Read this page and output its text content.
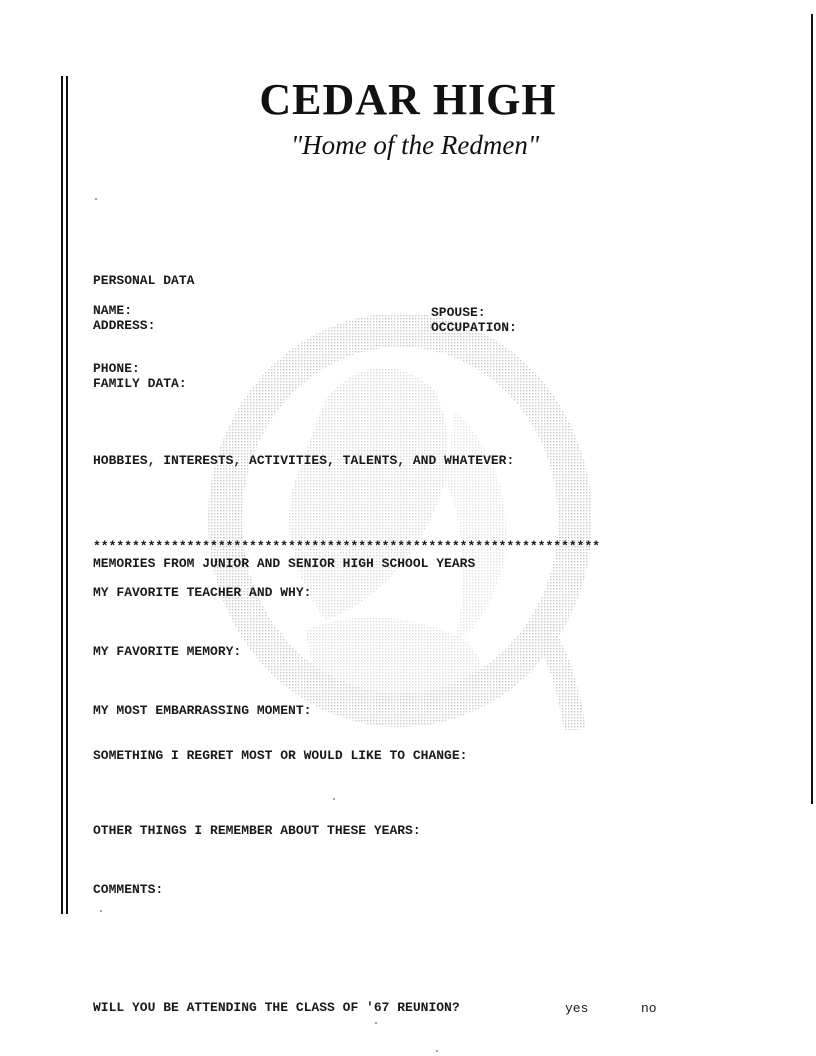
CEDAR HIGH
"Home of the Redmen"
PERSONAL DATA
NAME:
ADDRESS:
SPOUSE:
OCCUPATION:
PHONE:
FAMILY DATA:
HOBBIES, INTERESTS, ACTIVITIES, TALENTS, AND WHATEVER:
*****************************************************************
MEMORIES FROM JUNIOR AND SENIOR HIGH SCHOOL YEARS
MY FAVORITE TEACHER AND WHY:
MY FAVORITE MEMORY:
MY MOST EMBARRASSING MOMENT:
SOMETHING I REGRET MOST OR WOULD LIKE TO CHANGE:
OTHER THINGS I REMEMBER ABOUT THESE YEARS:
COMMENTS:
WILL YOU BE ATTENDING THE CLASS OF '67 REUNION?	yes	no
